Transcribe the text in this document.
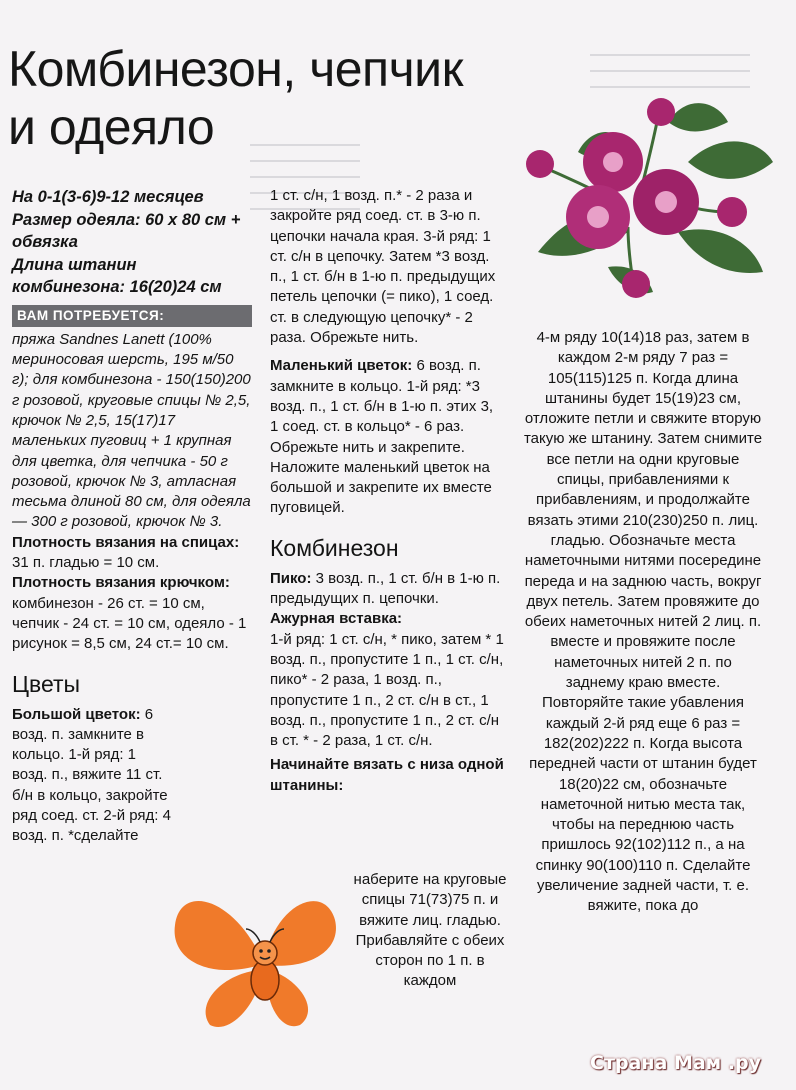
Комбинезон, чепчик
и одеяло

На 0-1(3-6)9-12 месяцев

Размер одеяла: 60 х 80 см + обвязка

Длина штанин комбинезона: 16(20)24 см

ВАМ ПОТРЕБУЕТСЯ:

пряжа Sandnes Lanett (100% мериносовая шерсть, 195 м/50 г); для комбинезона - 150(150)200 г розовой, круговые спицы № 2,5, крючок № 2,5, 15(17)17 маленьких пуговиц + 1 крупная для цветка, для чепчика - 50 г розовой, крючок № 3, атласная тесьма длиной 80 см, для одеяла — 300 г розовой, крючок № 3.

Плотность вязания на спицах: 31 п. гладью = 10 см.

Плотность вязания крючком: комбинезон - 26 ст. = 10 см, чепчик - 24 ст. = 10 см, одеяло - 1 рисунок = 8,5 см, 24 ст.= 10 см.

Цветы

Большой цветок: 6 возд. п. замкните в кольцо. 1-й ряд: 1 возд. п., вяжите 11 ст. б/н в кольцо, закройте ряд соед. ст. 2-й ряд: 4 возд. п. *сделайте

1 ст. с/н, 1 возд. п.* - 2 раза и закройте ряд соед. ст. в 3-ю п. цепочки начала края. 3-й ряд: 1 ст. с/н в цепочку. Затем *3 возд. п., 1 ст. б/н в 1-ю п. предыдущих петель цепочки (= пико), 1 соед. ст. в следующую цепочку* - 2 раза. Обрежьте нить.

Маленький цветок: 6 возд. п. замкните в кольцо. 1-й ряд: *3 возд. п., 1 ст. б/н в 1-ю п. этих 3, 1 соед. ст. в кольцо* - 6 раз. Обрежьте нить и закрепите. Наложите маленький цветок на большой и закрепите их вместе пуговицей.

Комбинезон

Пико: 3 возд. п., 1 ст. б/н в 1-ю п. предыдущих п. цепочки.

Ажурная вставка:

1-й ряд: 1 ст. с/н, * пико, затем * 1 возд. п., пропустите 1 п., 1 ст. с/н, пико* - 2 раза, 1 возд. п., пропустите 1 п., 2 ст. с/н в ст., 1 возд. п., пропустите 1 п., 2 ст. с/н в ст. * - 2 раза, 1 ст. с/н.

Начинайте вязать с низа одной штанины:

наберите на круговые спицы 71(73)75 п. и вяжите лиц. гладью. Прибавляйте с обеих сторон по 1 п. в каждом

4-м ряду 10(14)18 раз, затем в каждом 2-м ряду 7 раз = 105(115)125 п. Когда длина штанины будет 15(19)23 см, отложите петли и свяжите вторую такую же штанину. Затем снимите все петли на одни круговые спицы, прибавлениями к прибавлениям, и продолжайте вязать этими 210(230)250 п. лиц. гладью. Обозначьте места наметочными нитями посередине переда и на заднюю часть, вокруг двух петель. Затем провяжите до обеих наметочных нитей 2 лиц. п. вместе и провяжите после наметочных нитей 2 п. по заднему краю вместе. Повторяйте такие убавления каждый 2-й ряд еще 6 раз = 182(202)222 п. Когда высота передней части от штанин будет 18(20)22 см, обозначьте наметочной нитью места так, чтобы на переднюю часть пришлось 92(102)112 п., а на спинку 90(100)110 п. Сделайте увеличение задней части, т. е. вяжите, пока до

Страна Мам .ру
